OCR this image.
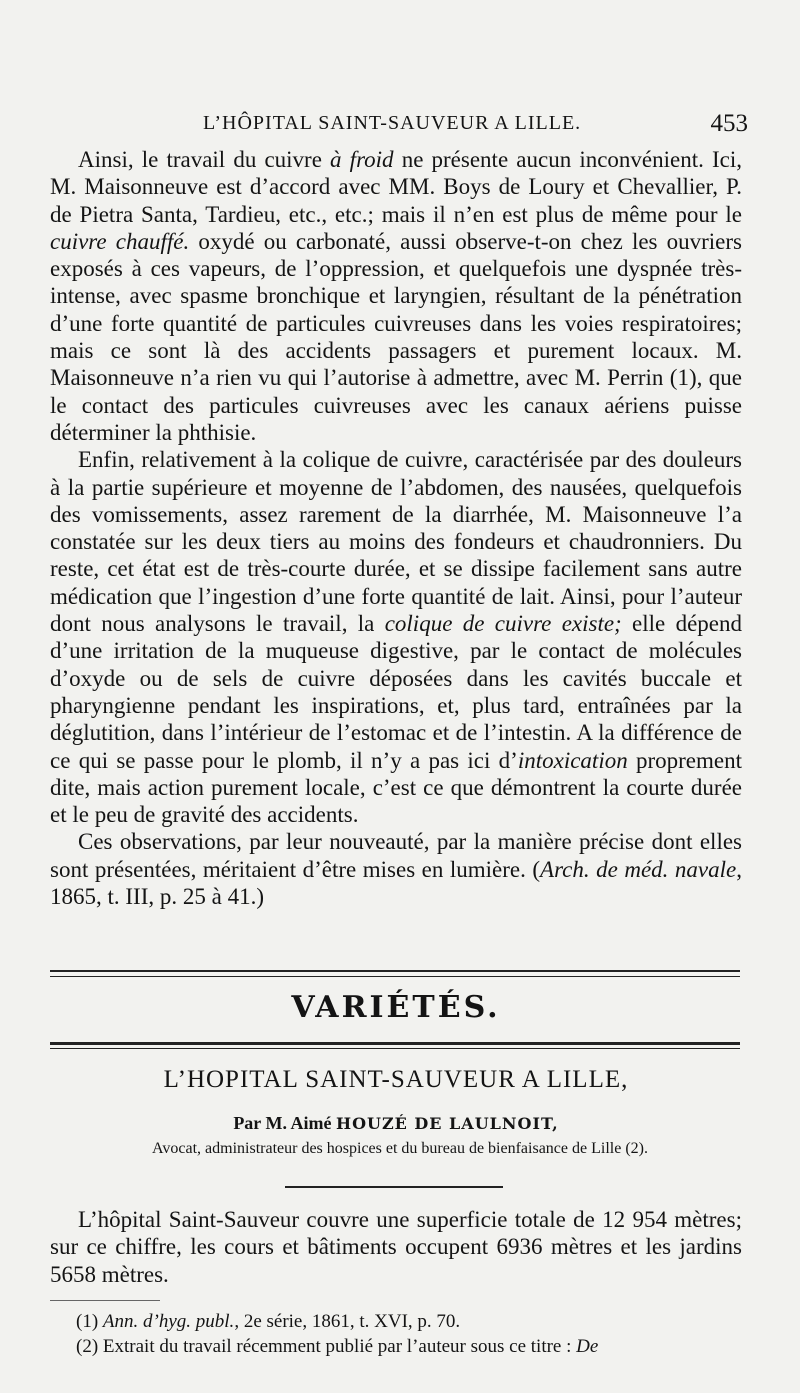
L’HÔPITAL SAINT-SAUVEUR A LILLE.	453

Ainsi, le travail du cuivre à froid ne présente aucun inconvénient. Ici, M. Maisonneuve est d’accord avec MM. Boys de Loury et Chevallier, P. de Pietra Santa, Tardieu, etc., etc.; mais il n’en est plus de même pour le cuivre chauffé. oxydé ou carbonaté, aussi observe-t-on chez les ouvriers exposés à ces vapeurs, de l’oppression, et quelquefois une dyspnée très-intense, avec spasme bronchique et laryngien, résultant de la pénétration d’une forte quantité de particules cuivreuses dans les voies respiratoires; mais ce sont là des accidents passagers et purement locaux. M. Maisonneuve n’a rien vu qui l’autorise à admettre, avec M. Perrin (1), que le contact des particules cuivreuses avec les canaux aériens puisse déterminer la phthisie.

Enfin, relativement à la colique de cuivre, caractérisée par des douleurs à la partie supérieure et moyenne de l’abdomen, des nausées, quelquefois des vomissements, assez rarement de la diarrhée, M. Maisonneuve l’a constatée sur les deux tiers au moins des fondeurs et chaudronniers. Du reste, cet état est de très-courte durée, et se dissipe facilement sans autre médication que l’ingestion d’une forte quantité de lait. Ainsi, pour l’auteur dont nous analysons le travail, la colique de cuivre existe; elle dépend d’une irritation de la muqueuse digestive, par le contact de molécules d’oxyde ou de sels de cuivre déposées dans les cavités buccale et pharyngienne pendant les inspirations, et, plus tard, entraînées par la déglutition, dans l’intérieur de l’estomac et de l’intestin. A la différence de ce qui se passe pour le plomb, il n’y a pas ici d’intoxication proprement dite, mais action purement locale, c’est ce que démontrent la courte durée et le peu de gravité des accidents.

Ces observations, par leur nouveauté, par la manière précise dont elles sont présentées, méritaient d’être mises en lumière. (Arch. de méd. navale, 1865, t. III, p. 25 à 41.)

VARIÉTÉS.
L’HOPITAL SAINT-SAUVEUR A LILLE,
Par M. Aimé HOUZÉ DE LAULNOIT,
Avocat, administrateur des hospices et du bureau de bienfaisance de Lille (2).

L’hôpital Saint-Sauveur couvre une superficie totale de 12 954 mètres; sur ce chiffre, les cours et bâtiments occupent 6936 mètres et les jardins 5658 mètres.

(1) Ann. d’hyg. publ., 2e série, 1861, t. XVI, p. 70.
(2) Extrait du travail récemment publié par l’auteur sous ce titre : De
